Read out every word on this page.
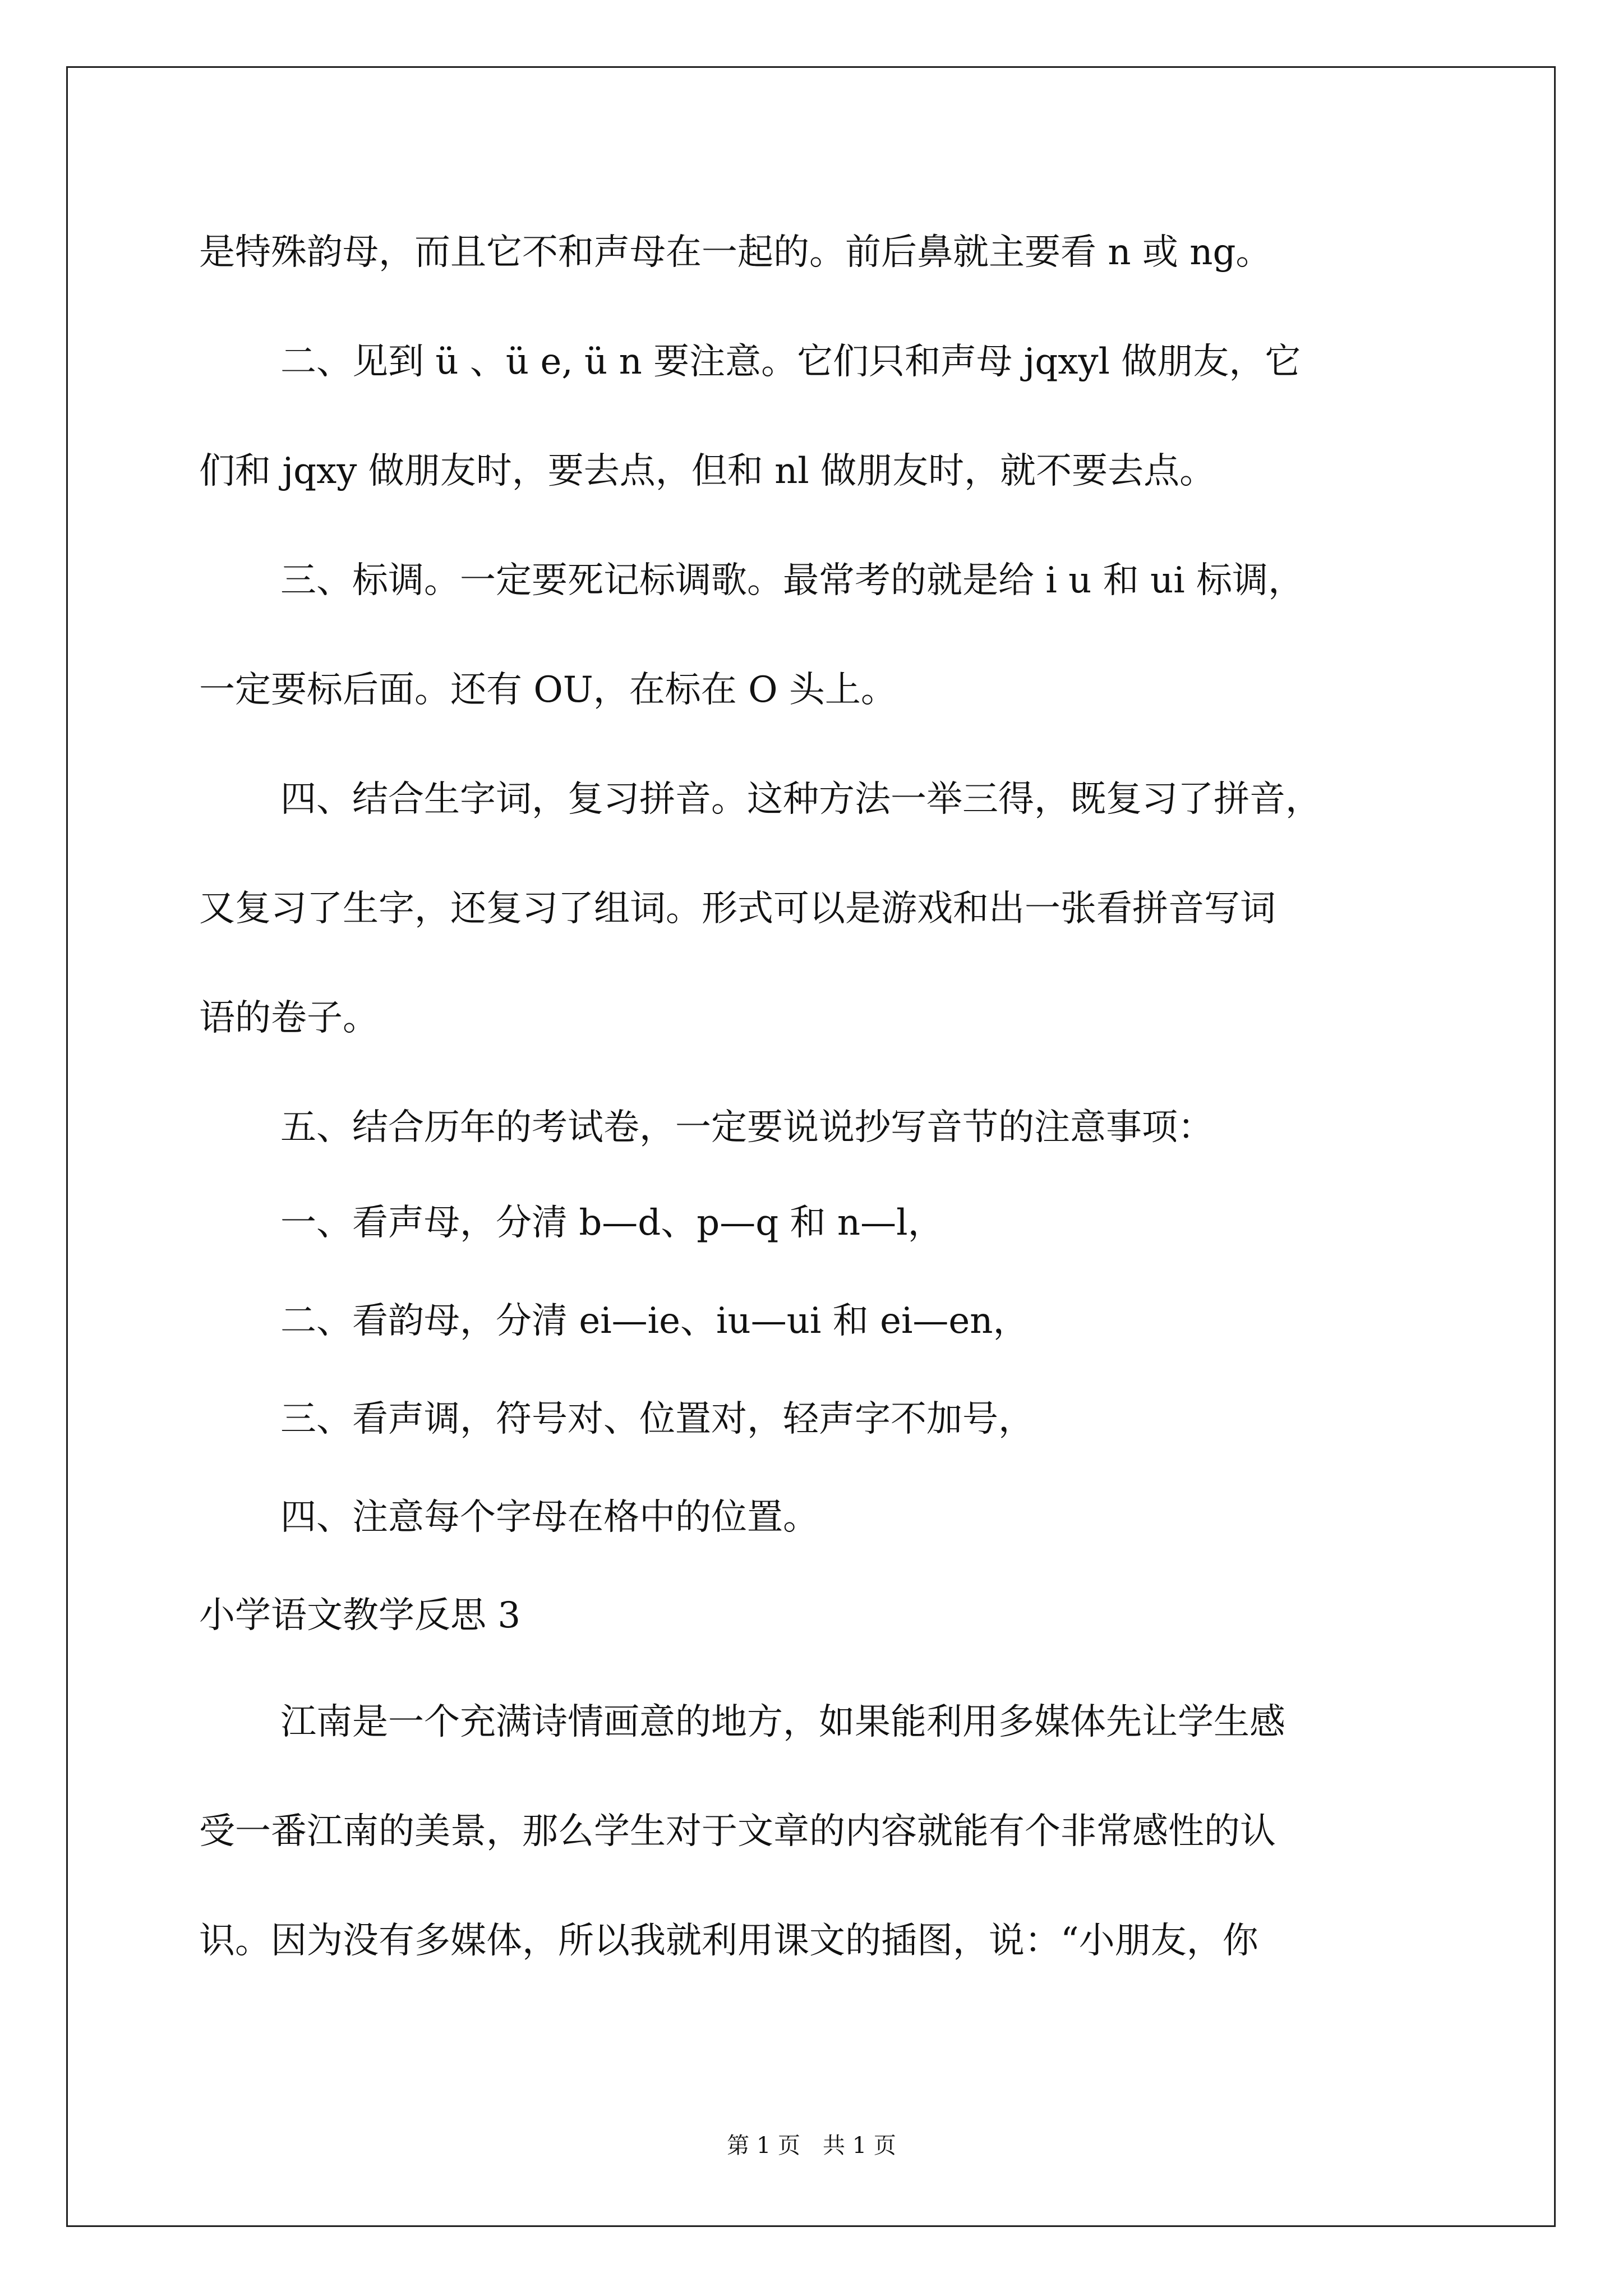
是特殊韵母，而且它不和声母在一起的。前后鼻就主要看 n 或 ng。
二、见到 ü 、ü e, ü n 要注意。它们只和声母 jqxyl 做朋友，它
们和 jqxy 做朋友时，要去点，但和 nl 做朋友时，就不要去点。
三、标调。一定要死记标调歌。最常考的就是给 i u 和 ui 标调，
一定要标后面。还有 OU，在标在 O 头上。
四、结合生字词，复习拼音。这种方法一举三得，既复习了拼音，
又复习了生字，还复习了组词。形式可以是游戏和出一张看拼音写词
语的卷子。
五、结合历年的考试卷，一定要说说抄写音节的注意事项：
一、看声母，分清 b—d、p—q 和 n—l，
二、看韵母，分清 ei—ie、iu—ui 和 ei—en，
三、看声调，符号对、位置对，轻声字不加号，
四、注意每个字母在格中的位置。
小学语文教学反思 3
江南是一个充满诗情画意的地方，如果能利用多媒体先让学生感
受一番江南的美景，那么学生对于文章的内容就能有个非常感性的认
识。因为没有多媒体，所以我就利用课文的插图，说：“小朋友，你
第 1 页　共 1 页
